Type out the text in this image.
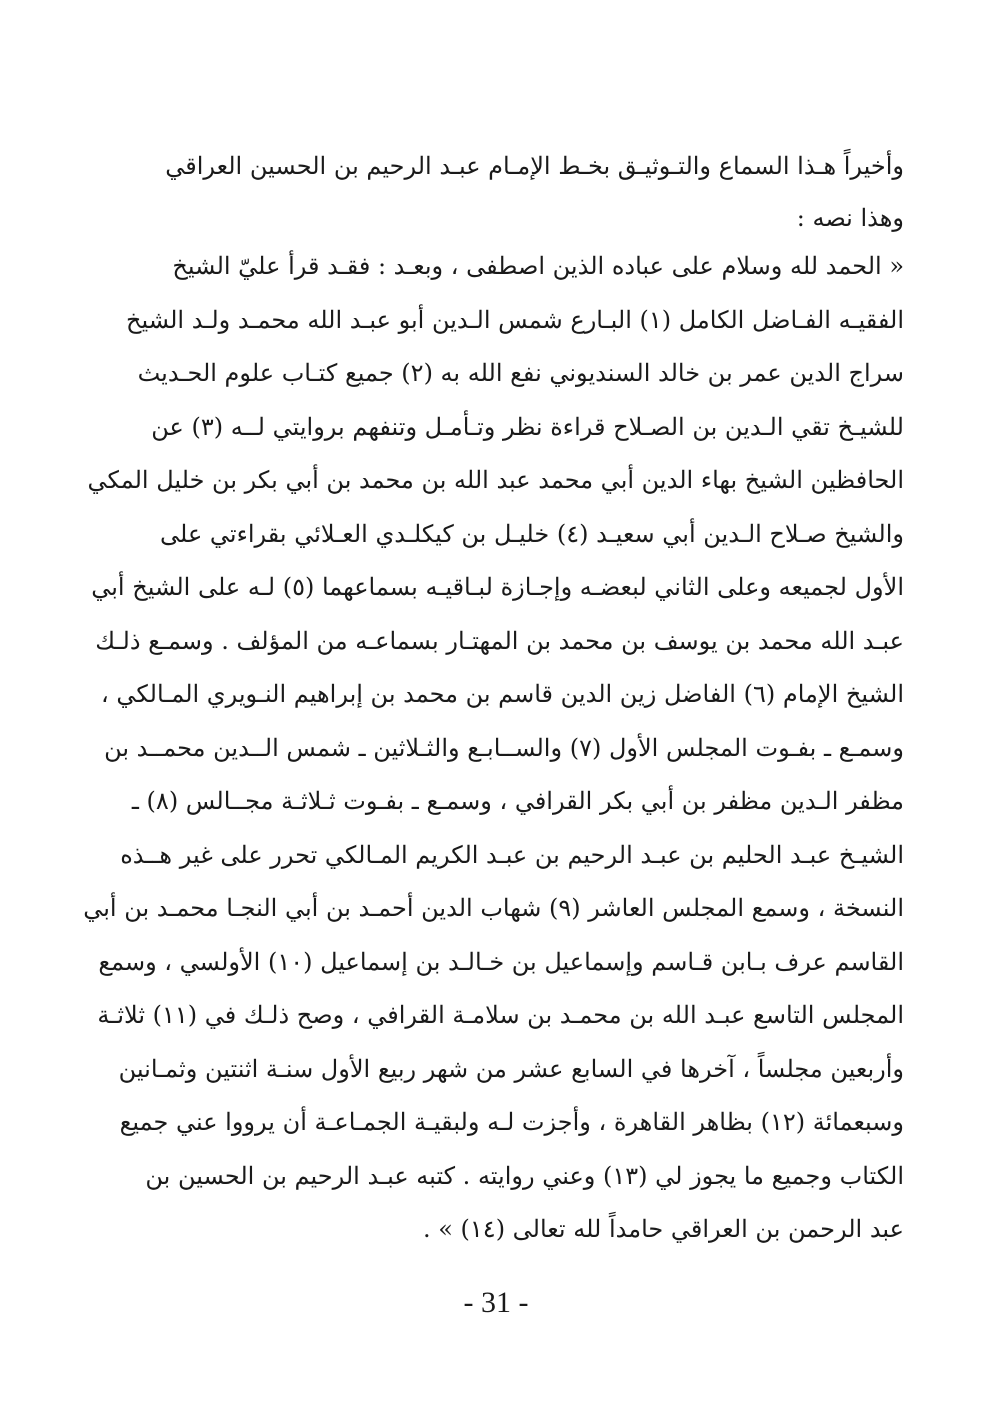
وأخيراً هـذا السماع والتـوثيـق بخـط الإمـام عبـد الرحيم بن الحسين العراقي
وهذا نصه :
« الحمد لله وسلام على عباده الذين اصطفى ، وبعـد : فقـد قرأ عليّ الشيخ
الفقيـه الفـاضل الكامل (١) البـارع شمس الـدين أبو عبـد الله محمـد ولـد الشيخ
سراج الدين عمر بن خالد السنديوني نفع الله به (٢) جميع كتـاب علوم الحـديث
للشيـخ تقي الـدين بن الصـلاح قراءة نظر وتـأمـل وتنفهم بروايتي لــه (٣) عن
الحافظين الشيخ بهاء الدين أبي محمد عبد الله بن محمد بن أبي بكر بن خليل المكي
والشيخ صـلاح الـدين أبي سعيـد (٤) خليـل بن كيكلـدي العـلائي بقراءتي على
الأول لجميعه وعلى الثاني لبعضـه وإجـازة لبـاقيـه بسماعهما (٥) لـه على الشيخ أبي
عبـد الله محمد بن يوسف بن محمد بن المهتـار بسماعـه من المؤلف . وسمـع ذلـك
الشيخ الإمام (٦) الفاضل زين الدين قاسم بن محمد بن إبراهيم النـويري المـالكي ،
وسمـع ـ بفـوت المجلس الأول (٧) والســابـع والثـلاثين ـ شمس الــدين محمــد بن
مظفر الـدين مظفر بن أبي بكر القرافي ، وسمـع ـ بفـوت ثـلاثـة مجــالس (٨) ـ
الشيـخ عبـد الحليم بن عبـد الرحيم بن عبـد الكريم المـالكي تحرر على غير هــذه
النسخة ، وسمع المجلس العاشر (٩) شهاب الدين أحمـد بن أبي النجـا محمـد بن أبي
القاسم عرف بـابن قـاسم وإسماعيل بن خـالـد بن إسماعيل (١٠) الأولسي ، وسمع
المجلس التاسع عبـد الله بن محمـد بن سلامـة القرافي ، وصح ذلـك في (١١) ثلاثـة
وأربعين مجلساً ، آخرها في السابع عشر من شهر ربيع الأول سنـة اثنتين وثمـانين
وسبعمائة (١٢) بظاهر القاهرة ، وأجزت لـه ولبقيـة الجمـاعـة أن يرووا عني جميع
الكتاب وجميع ما يجوز لي (١٣) وعني روايته . كتبه عبـد الرحيم بن الحسين بن
عبد الرحمن بن العراقي حامداً لله تعالى (١٤) » .
- 31 -
